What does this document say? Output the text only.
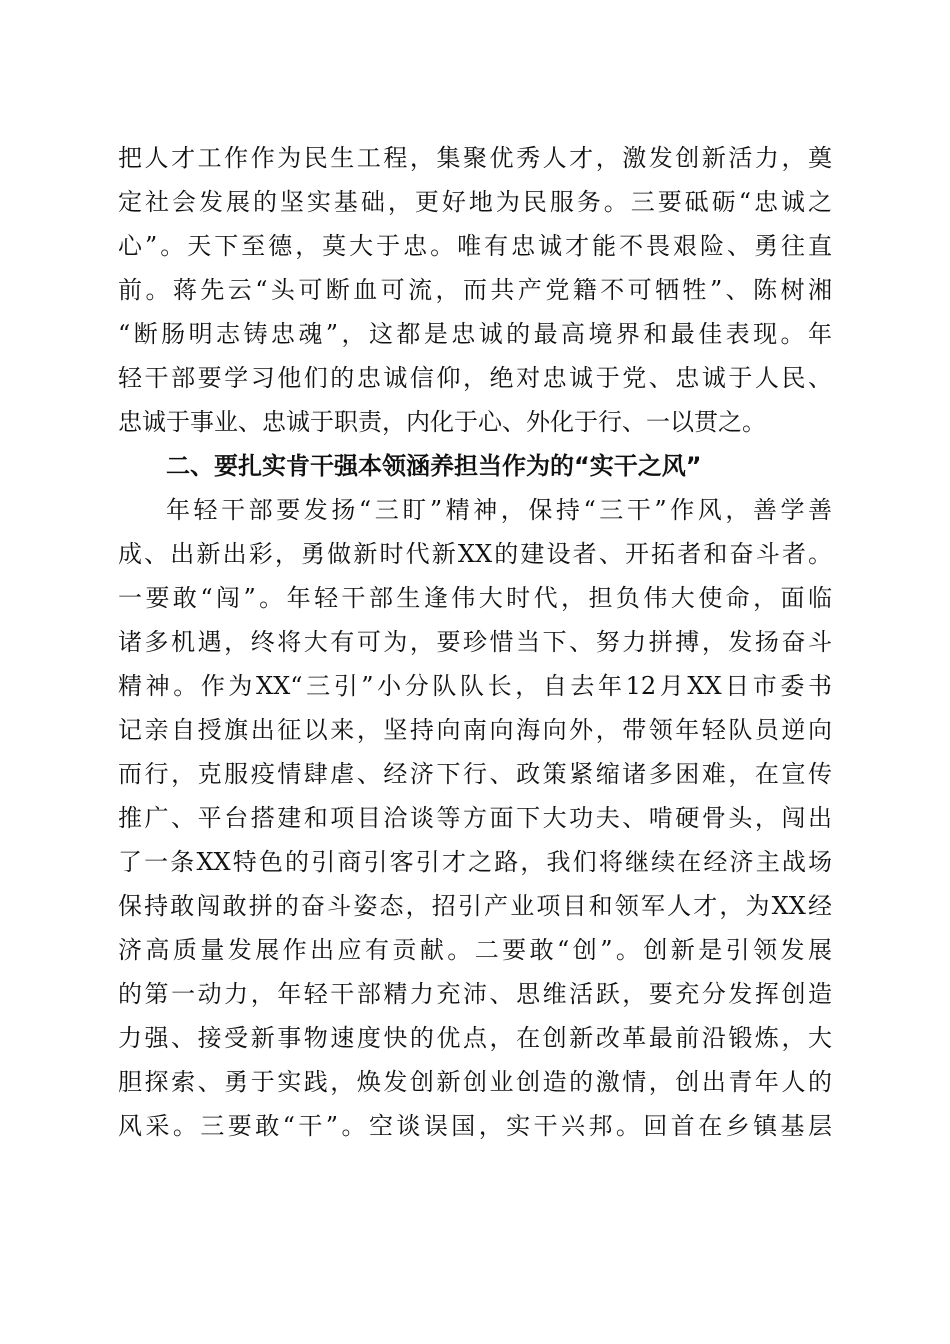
把人才工作作为民生工程，集聚优秀人才，激发创新活力，奠
定社会发展的坚实基础，更好地为民服务。三要砥砺“忠诚之
心”。天下至德，莫大于忠。唯有忠诚才能不畏艰险、勇往直
前。蒋先云“头可断血可流，而共产党籍不可牺牲”、陈树湘
“断肠明志铸忠魂”，这都是忠诚的最高境界和最佳表现。年
轻干部要学习他们的忠诚信仰，绝对忠诚于党、忠诚于人民、
忠诚于事业、忠诚于职责，内化于心、外化于行、一以贯之。
二、要扎实肯干强本领涵养担当作为的“实干之风”
年轻干部要发扬“三盯”精神，保持“三干”作风，善学善
成、出新出彩，勇做新时代新XX的建设者、开拓者和奋斗者。
一要敢“闯”。年轻干部生逢伟大时代，担负伟大使命，面临
诸多机遇，终将大有可为，要珍惜当下、努力拼搏，发扬奋斗
精神。作为XX“三引”小分队队长，自去年12月XX日市委书
记亲自授旗出征以来，坚持向南向海向外，带领年轻队员逆向
而行，克服疫情肆虐、经济下行、政策紧缩诸多困难，在宣传
推广、平台搭建和项目洽谈等方面下大功夫、啃硬骨头，闯出
了一条XX特色的引商引客引才之路，我们将继续在经济主战场
保持敢闯敢拼的奋斗姿态，招引产业项目和领军人才，为XX经
济高质量发展作出应有贡献。二要敢“创”。创新是引领发展
的第一动力，年轻干部精力充沛、思维活跃，要充分发挥创造
力强、接受新事物速度快的优点，在创新改革最前沿锻炼，大
胆探索、勇于实践，焕发创新创业创造的激情，创出青年人的
风采。三要敢“干”。空谈误国，实干兴邦。回首在乡镇基层
